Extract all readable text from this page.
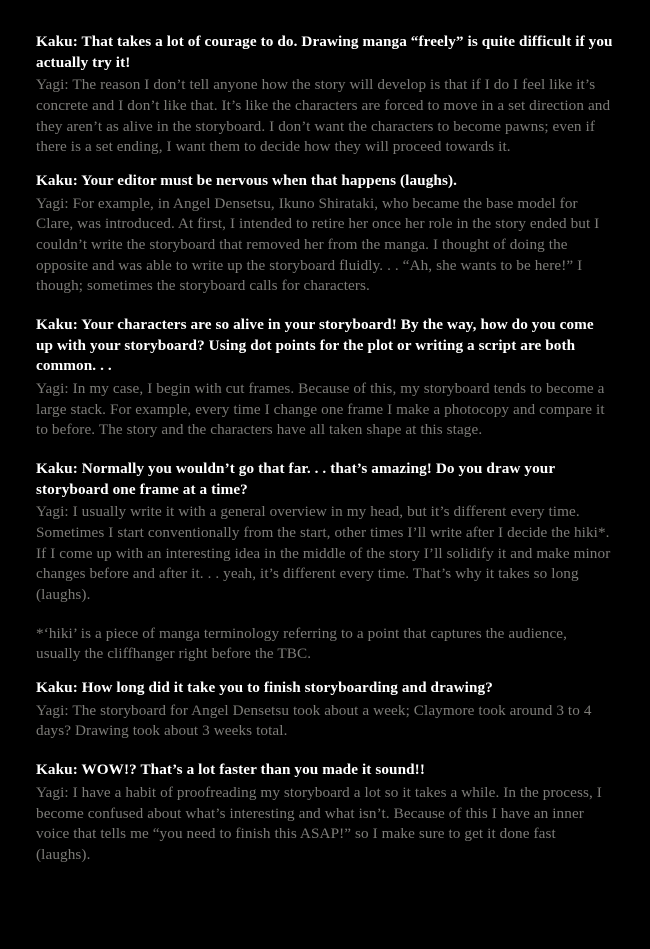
Kaku: That takes a lot of courage to do. Drawing manga “freely” is quite difficult if you actually try it!

Yagi: The reason I don’t tell anyone how the story will develop is that if I do I feel like it’s concrete and I don’t like that. It’s like the characters are forced to move in a set direction and they aren’t as alive in the storyboard. I don’t want the characters to become pawns; even if there is a set ending, I want them to decide how they will proceed towards it.

Kaku: Your editor must be nervous when that happens (laughs).

Yagi: For example, in Angel Densetsu, Ikuno Shirataki, who became the base model for Clare, was introduced. At first, I intended to retire her once her role in the story ended but I couldn’t write the storyboard that removed her from the manga. I thought of doing the opposite and was able to write up the storyboard fluidly. . . “Ah, she wants to be here!” I though; sometimes the storyboard calls for characters.

Kaku: Your characters are so alive in your storyboard! By the way, how do you come up with your storyboard? Using dot points for the plot or writing a script are both common. . .

Yagi: In my case, I begin with cut frames. Because of this, my storyboard tends to become a large stack. For example, every time I change one frame I make a photocopy and compare it to before. The story and the characters have all taken shape at this stage.

Kaku: Normally you wouldn’t go that far. . . that’s amazing! Do you draw your storyboard one frame at a time?

Yagi: I usually write it with a general overview in my head, but it’s different every time. Sometimes I start conventionally from the start, other times I’ll write after I decide the hiki*. If I come up with an interesting idea in the middle of the story I’ll solidify it and make minor changes before and after it. . . yeah, it’s different every time. That’s why it takes so long (laughs).

*‘hiki’ is a piece of manga terminology referring to a point that captures the audience, usually the cliffhanger right before the TBC.

Kaku: How long did it take you to finish storyboarding and drawing?

Yagi: The storyboard for Angel Densetsu took about a week; Claymore took around 3 to 4 days? Drawing took about 3 weeks total.

Kaku: WOW!? That’s a lot faster than you made it sound!!

Yagi: I have a habit of proofreading my storyboard a lot so it takes a while. In the process, I become confused about what’s interesting and what isn’t. Because of this I have an inner voice that tells me “you need to finish this ASAP!” so I make sure to get it done fast (laughs).
